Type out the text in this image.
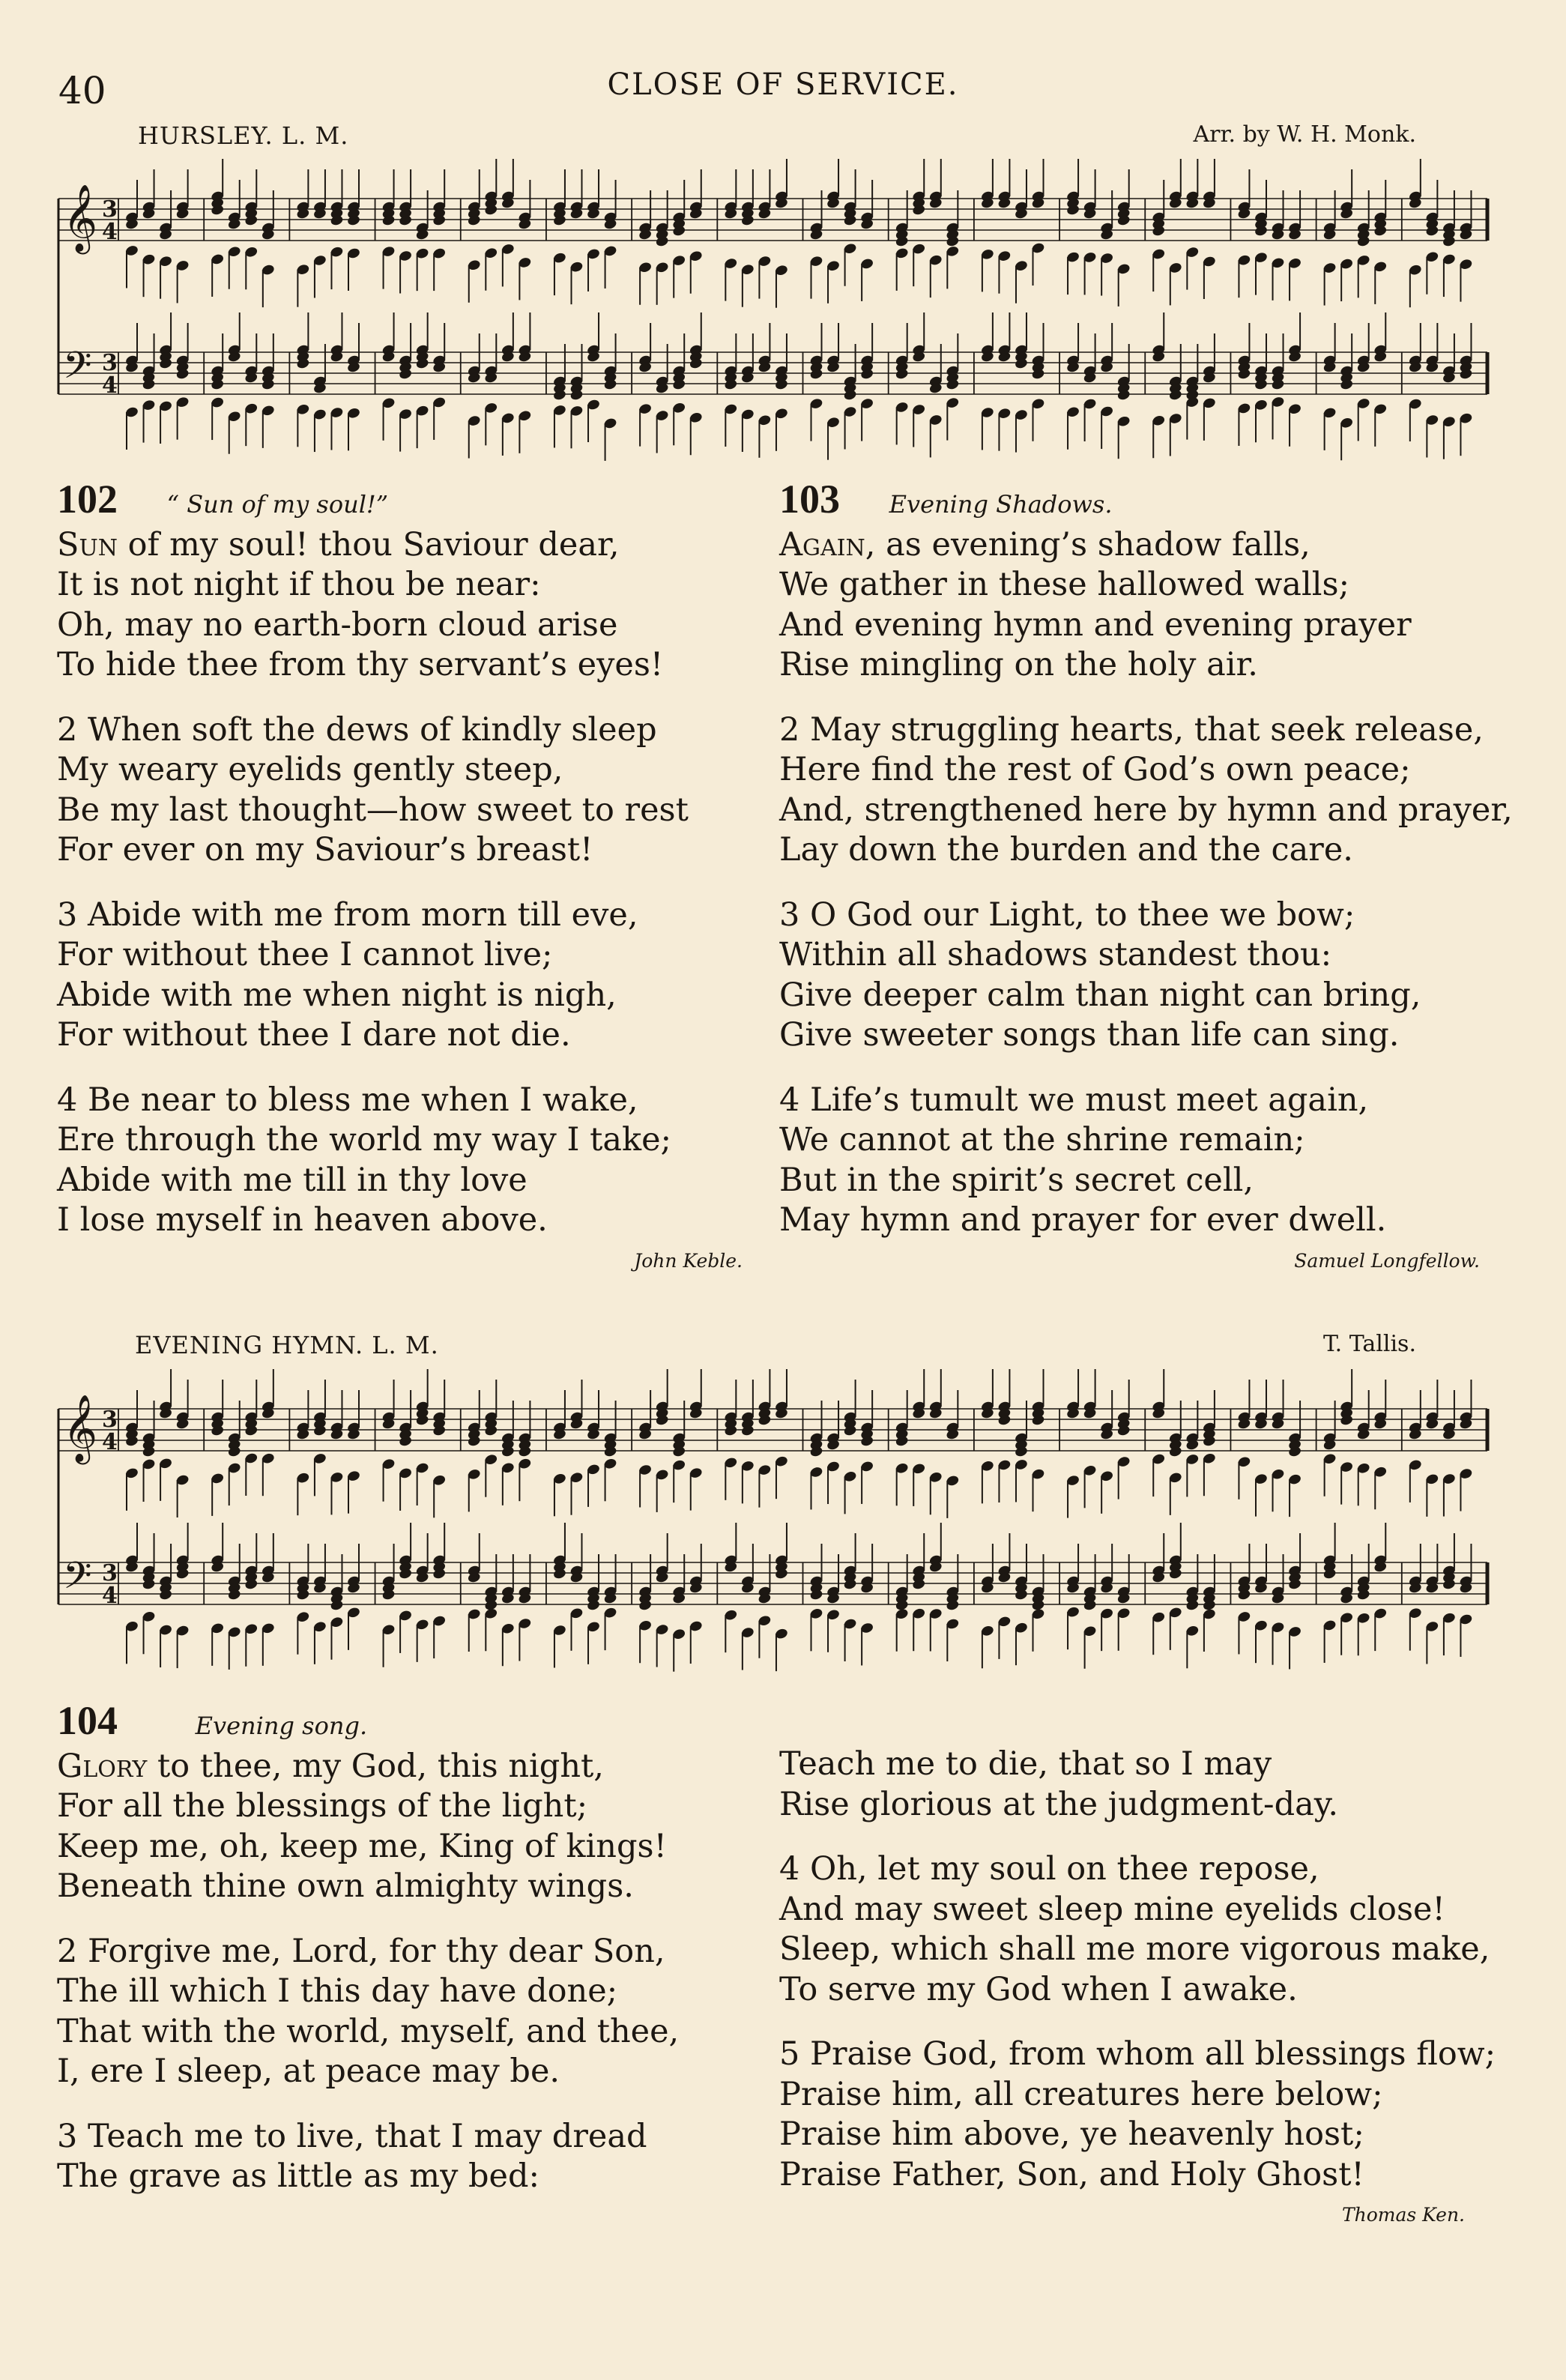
40	CLOSE OF SERVICE.
HURSLEY. L. M.	Arr. by W. H. Monk.
𝄞
𝄢
3
4
3
4
102 “ Sun of my soul!”
Sun of my soul! thou Saviour dear,
It is not night if thou be near:
Oh, may no earth-born cloud arise
To hide thee from thy servant’s eyes!
2 When soft the dews of kindly sleep
My weary eyelids gently steep,
Be my last thought—how sweet to rest
For ever on my Saviour’s breast!
3 Abide with me from morn till eve,
For without thee I cannot live;
Abide with me when night is nigh,
For without thee I dare not die.
4 Be near to bless me when I wake,
Ere through the world my way I take;
Abide with me till in thy love
I lose myself in heaven above.
John Keble.
103 Evening Shadows.
Again, as evening’s shadow falls,
We gather in these hallowed walls;
And evening hymn and evening prayer
Rise mingling on the holy air.
2 May struggling hearts, that seek release,
Here find the rest of God’s own peace;
And, strengthened here by hymn and prayer,
Lay down the burden and the care.
3 O God our Light, to thee we bow;
Within all shadows standest thou:
Give deeper calm than night can bring,
Give sweeter songs than life can sing.
4 Life’s tumult we must meet again,
We cannot at the shrine remain;
But in the spirit’s secret cell,
May hymn and prayer for ever dwell.
Samuel Longfellow.
EVENING HYMN. L. M.	T. Tallis.
𝄞
𝄢
3
4
3
4
104	Evening song.
Glory to thee, my God, this night,
For all the blessings of the light;
Keep me, oh, keep me, King of kings!
Beneath thine own almighty wings.
2 Forgive me, Lord, for thy dear Son,
The ill which I this day have done;
That with the world, myself, and thee,
I, ere I sleep, at peace may be.
3 Teach me to live, that I may dread
The grave as little as my bed:
Teach me to die, that so I may
Rise glorious at the judgment-day.
4 Oh, let my soul on thee repose,
And may sweet sleep mine eyelids close!
Sleep, which shall me more vigorous make,
To serve my God when I awake.
5 Praise God, from whom all blessings flow;
Praise him, all creatures here below;
Praise him above, ye heavenly host;
Praise Father, Son, and Holy Ghost!
Thomas Ken.
